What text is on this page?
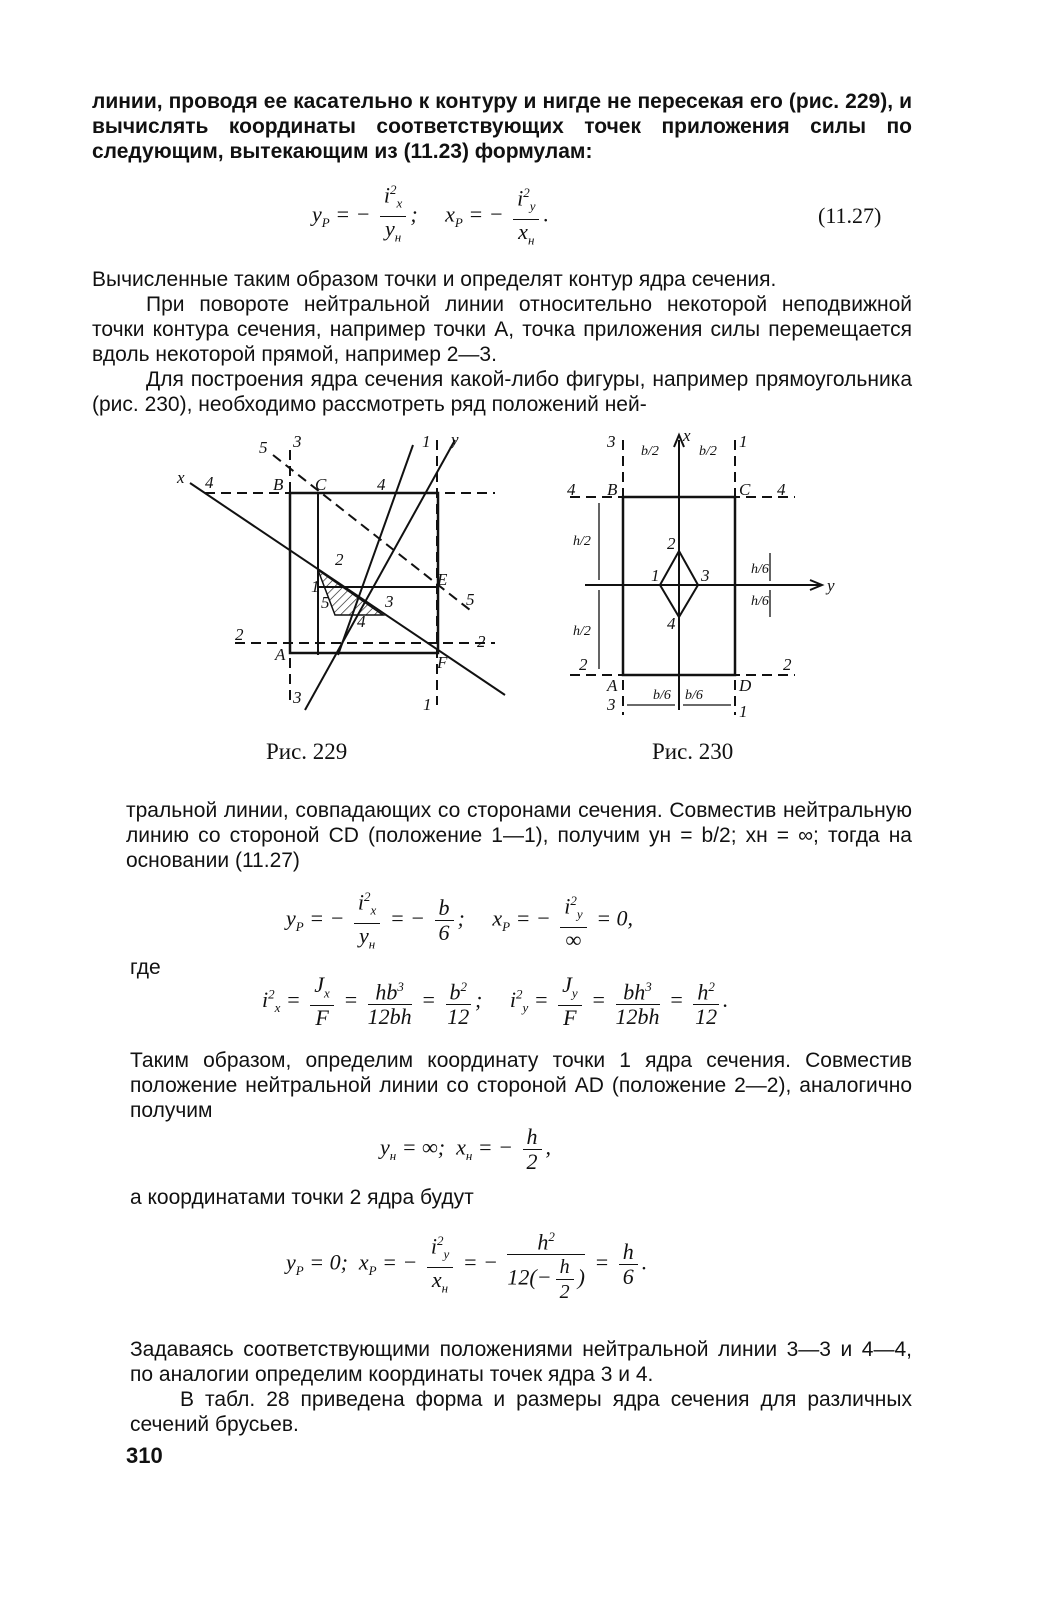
линии, проводя ее касательно к контуру и нигде не пересекая его (рис. 229), и вычислять координаты соответствующих точек приложения силы по следующим, вытекающим из (11.23) формулам:

$y_P$ = − $\frac{i^2_x}{y_н}$ ;     $x_P$ = − $\frac{i^2_y}{x_н}$ .	(11.27)

Вычисленные таким образом точки и определят контур ядра сечения.

При повороте нейтральной линии относительно некоторой неподвижной точки контура сечения, например точки A, точка приложения силы перемещается вдоль некоторой прямой, например 2—3.

Для построения ядра сечения какой-либо фигуры, например прямоугольника (рис. 230), необходимо рассмотреть ряд положений ней-

x
y
4	4
5
5
3
3
1
1
2	2
B C
E
F
A
1
2
3
4
5
3
3
1
1
4	4
2	2
B	C
A	D
x
y
1
2
3
4
b/2	b/2
h/2
h/2
h/6
h/6
b/6 b/6
Рис. 229	Рис. 230

тральной линии, совпадающих со сторонами сечения. Совместив нейтральную линию со стороной CD (положение 1—1), получим yн = b/2; xн = ∞; тогда на основании (11.27)

$y_P$ = − $\frac{i^2_x}{y_н}$ = − $\frac{b}{6}$ ;     $x_P$ = − $\frac{i^2_y}{\infty} = 0$,
где
$i^2_x = \frac{J_x}{F} = \frac{hb^3}{12bh} = \frac{b^2}{12}$ ;     $i^2_y = \frac{J_y}{F} = \frac{bh^3}{12bh} = \frac{h^2}{12}$ .

Таким образом, определим координату точки 1 ядра сечения. Совместив положение нейтральной линии со стороной AD (положение 2—2), аналогично получим

$y_н$ = ∞;  $x_н$ = − $\frac{h}{2}$ ,

а координатами точки 2 ядра будут

$y_P = 0$;  $x_P$ = − $\frac{i^2_y}{x_н}$ = − $\frac{h^2}{12(- \frac{h}{2} )} = \frac{h}{6}$ .

Задаваясь соответствующими положениями нейтральной линии 3—3 и 4—4, по аналогии определим координаты точек ядра 3 и 4.

В табл. 28 приведена форма и размеры ядра сечения для различных сечений брусьев.

310
